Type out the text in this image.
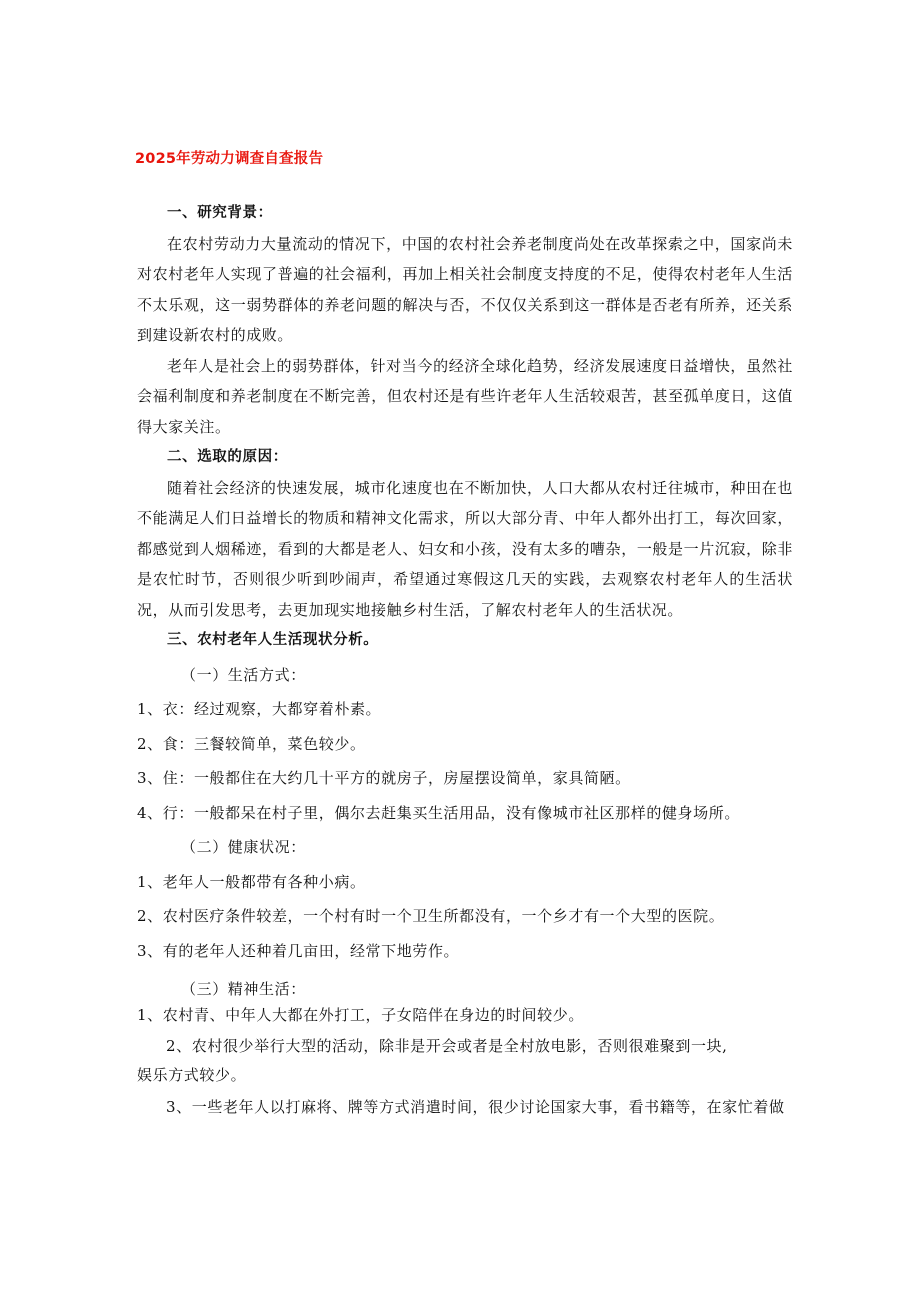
2025年劳动力调查自查报告

一、研究背景：

在农村劳动力大量流动的情况下，中国的农村社会养老制度尚处在改革探索之中，国家尚未对农村老年人实现了普遍的社会福利，再加上相关社会制度支持度的不足，使得农村老年人生活不太乐观，这一弱势群体的养老问题的解决与否，不仅仅关系到这一群体是否老有所养，还关系到建设新农村的成败。

老年人是社会上的弱势群体，针对当今的经济全球化趋势，经济发展速度日益增快，虽然社会福利制度和养老制度在不断完善，但农村还是有些许老年人生活较艰苦，甚至孤单度日，这值得大家关注。

二、选取的原因：

随着社会经济的快速发展，城市化速度也在不断加快，人口大都从农村迁往城市，种田在也不能满足人们日益增长的物质和精神文化需求，所以大部分青、中年人都外出打工，每次回家，都感觉到人烟稀迹，看到的大都是老人、妇女和小孩，没有太多的嘈杂，一般是一片沉寂，除非是农忙时节，否则很少听到吵闹声，希望通过寒假这几天的实践，去观察农村老年人的生活状况，从而引发思考，去更加现实地接触乡村生活，了解农村老年人的生活状况。

三、农村老年人生活现状分析。

（一）生活方式：

1、衣：经过观察，大都穿着朴素。

2、食：三餐较简单，菜色较少。

3、住：一般都住在大约几十平方的就房子，房屋摆设简单，家具简陋。

4、行：一般都呆在村子里，偶尔去赶集买生活用品，没有像城市社区那样的健身场所。

（二）健康状况：

1、老年人一般都带有各种小病。

2、农村医疗条件较差，一个村有时一个卫生所都没有，一个乡才有一个大型的医院。

3、有的老年人还种着几亩田，经常下地劳作。

（三）精神生活：

1、农村青、中年人大都在外打工，子女陪伴在身边的时间较少。

2、农村很少举行大型的活动，除非是开会或者是全村放电影，否则很难聚到一块,

娱乐方式较少。

3、一些老年人以打麻将、牌等方式消遣时间，很少讨论国家大事，看书籍等，在家忙着做
